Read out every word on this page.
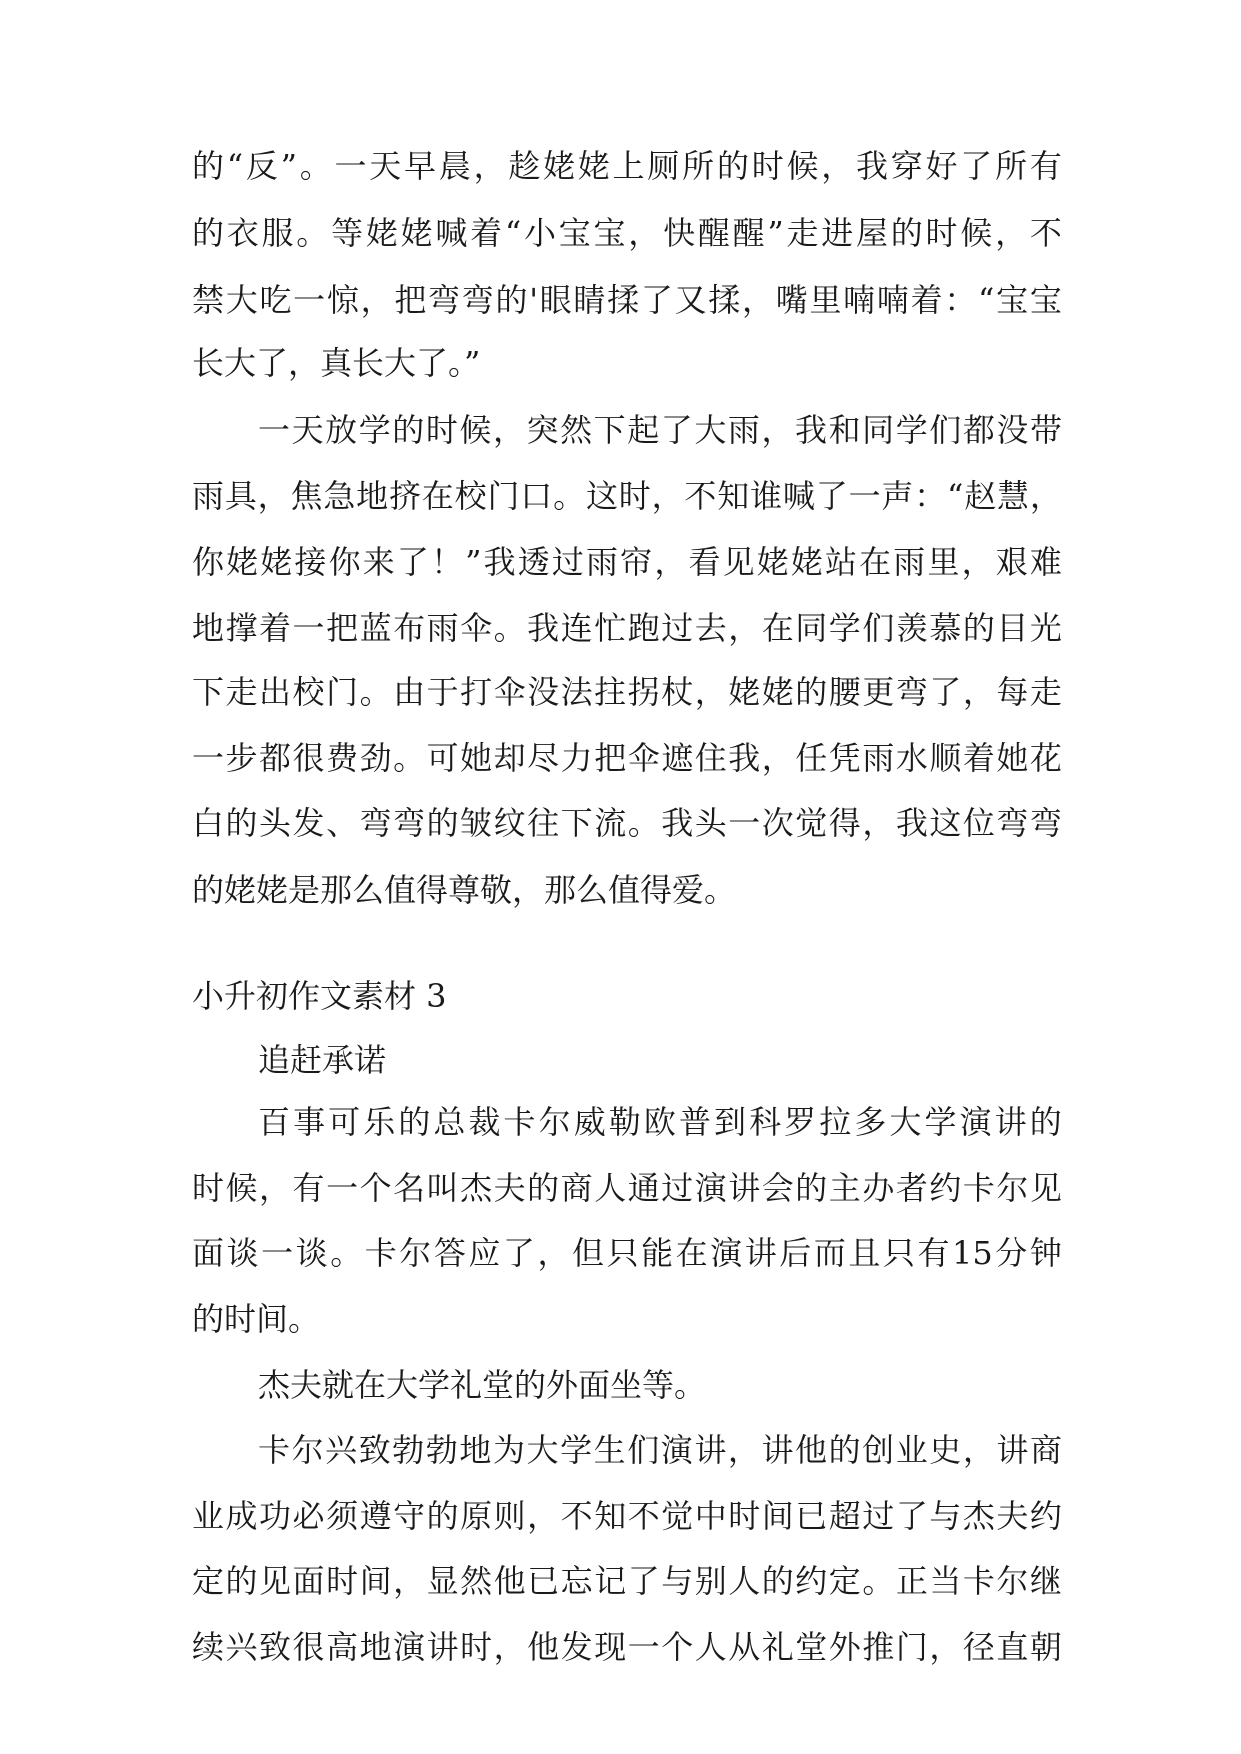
的 “ 反 ” 。 一 天 早 晨 ， 趁 姥 姥 上 厕 所 的 时 候 ， 我 穿 好 了 所 有
的 衣 服 。 等 姥 姥 喊 着 “ 小 宝 宝 ， 快 醒 醒 ” 走 进 屋 的 时 候 ， 不
禁 大 吃 一 惊 ， 把 弯 弯 的 ' 眼 睛 揉 了 又 揉 ， 嘴 里 喃 喃 着 ： “ 宝 宝
长大了，真长大了。”
一 天 放 学 的 时 候 ， 突 然 下 起 了 大 雨 ， 我 和 同 学 们 都 没 带
雨 具 ， 焦 急 地 挤 在 校 门 口 。 这 时 ， 不 知 谁 喊 了 一 声 ： “ 赵 慧 ，
你 姥 姥 接 你 来 了 ！ ” 我 透 过 雨 帘 ， 看 见 姥 姥 站 在 雨 里 ， 艰 难
地 撑 着 一 把 蓝 布 雨 伞 。 我 连 忙 跑 过 去 ， 在 同 学 们 羡 慕 的 目 光
下 走 出 校 门 。 由 于 打 伞 没 法 拄 拐 杖 ， 姥 姥 的 腰 更 弯 了 ， 每 走
一 步 都 很 费 劲 。 可 她 却 尽 力 把 伞 遮 住 我 ， 任 凭 雨 水 顺 着 她 花
白 的 头 发 、 弯 弯 的 皱 纹 往 下 流 。 我 头 一 次 觉 得 ， 我 这 位 弯 弯
的姥姥是那么值得尊敬，那么值得爱。
小升初作文素材 3
追赶承诺
百 事 可 乐 的 总 裁 卡 尔 威 勒 欧 普 到 科 罗 拉 多 大 学 演 讲 的
时 候 ， 有 一 个 名 叫 杰 夫 的 商 人 通 过 演 讲 会 的 主 办 者 约 卡 尔 见
面 谈 一 谈 。 卡 尔 答 应 了 ， 但 只 能 在 演 讲 后 而 且 只 有 15 分 钟
的时间。
杰夫就在大学礼堂的外面坐等。
卡 尔 兴 致 勃 勃 地 为 大 学 生 们 演 讲 ， 讲 他 的 创 业 史 ， 讲 商
业 成 功 必 须 遵 守 的 原 则 ， 不 知 不 觉 中 时 间 已 超 过 了 与 杰 夫 约
定 的 见 面 时 间 ， 显 然 他 已 忘 记 了 与 别 人 的 约 定 。 正 当 卡 尔 继
续 兴 致 很 高 地 演 讲 时 ， 他 发 现 一 个 人 从 礼 堂 外 推 门 ， 径 直 朝
